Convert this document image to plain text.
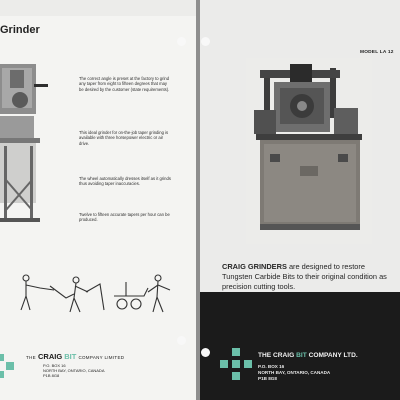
Grinder

The correct angle is preset at the factory to grind any taper from eight to fifteen degrees that may be desired by the customer (state requirements).

This ideal grinder for on-the-job taper grinding is available with three horsepower electric or air drive.

The wheel automatically dresses itself as it grinds thus avoiding taper inaccuracies.

Twelve to fifteen accurate tapers per hour can be produced.

THE CRAIG BIT COMPANY LIMITED
P.O. BOX 16
NORTH BAY, ONTARIO, CANADA
P1B 8G8
MODEL LA 12
CRAIG GRINDERS are designed to restore Tungsten Carbide Bits to their original condition as precision cutting tools.
THE CRAIG BIT COMPANY LTD.
P.O. BOX 16
NORTH BAY, ONTARIO, CANADA
P1B 8G8
